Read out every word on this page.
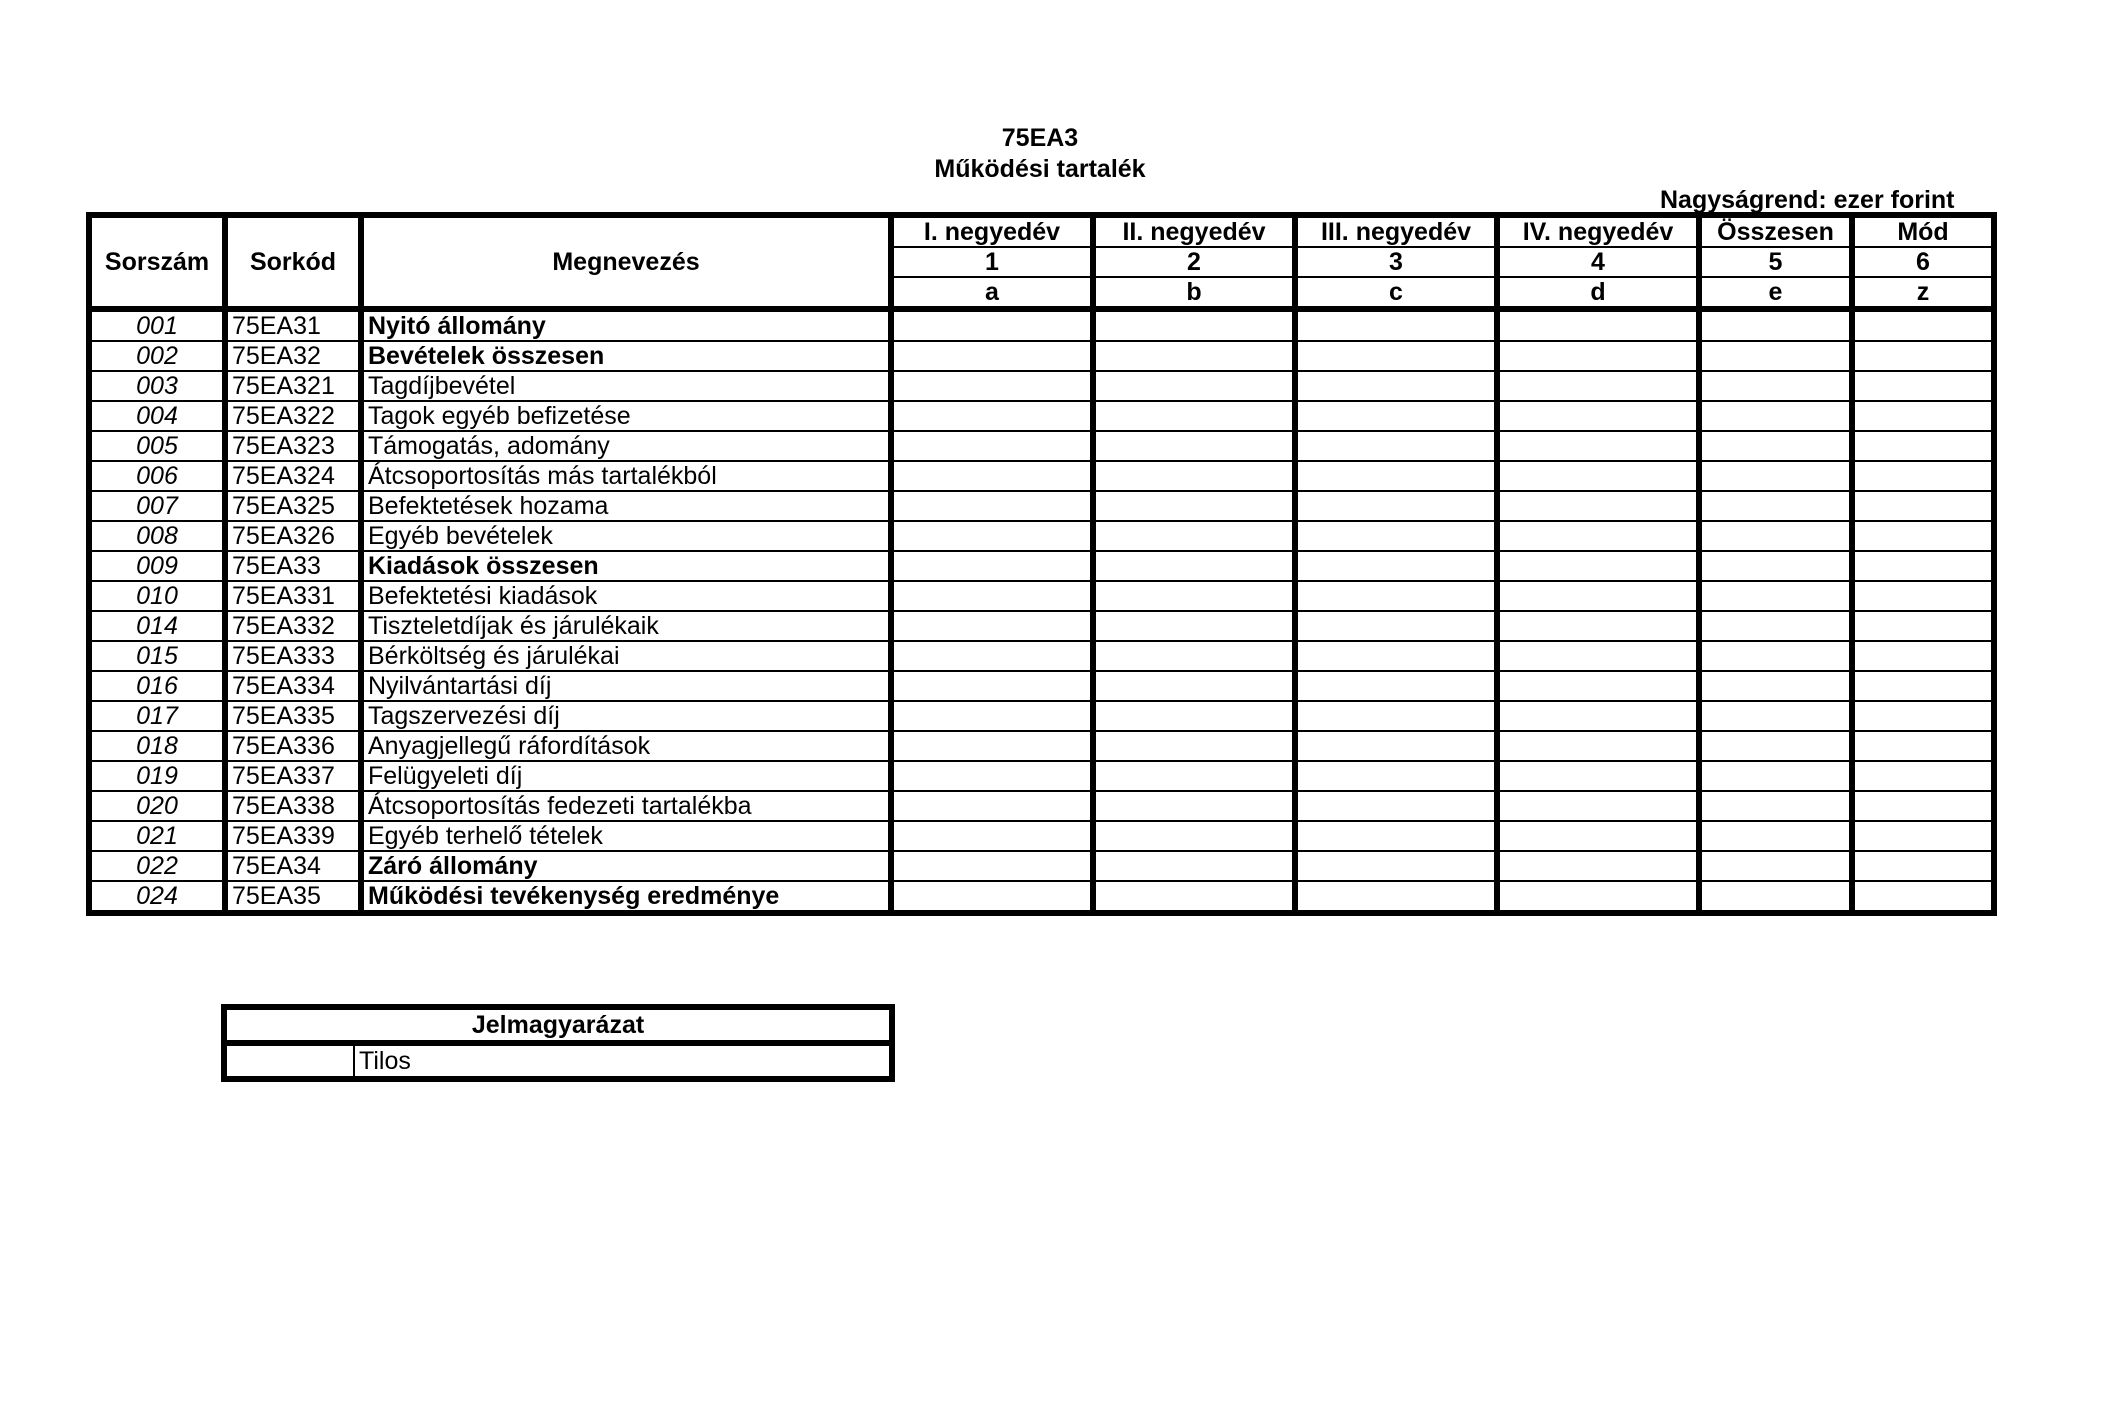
75EA3
Működési tartalék
Nagyságrend: ezer forint
Sorszám	Sorkód	Megnevezés	I. negyedév	II. negyedév	III. negyedév	IV. negyedév	Összesen	Mód
			1	2	3	4	5	6
			a	b	c	d	e	z
001	75EA31	Nyitó állomány						
002	75EA32	Bevételek összesen						
003	75EA321	Tagdíjbevétel						
004	75EA322	Tagok egyéb befizetése						
005	75EA323	Támogatás, adomány						
006	75EA324	Átcsoportosítás más tartalékból						
007	75EA325	Befektetések hozama						
008	75EA326	Egyéb bevételek						
009	75EA33	Kiadások összesen						
010	75EA331	Befektetési kiadások						
014	75EA332	Tiszteletdíjak és járulékaik						
015	75EA333	Bérköltség és járulékai						
016	75EA334	Nyilvántartási díj						
017	75EA335	Tagszervezési díj						
018	75EA336	Anyagjellegű ráfordítások						
019	75EA337	Felügyeleti díj						
020	75EA338	Átcsoportosítás fedezeti tartalékba						
021	75EA339	Egyéb terhelő tételek						
022	75EA34	Záró állomány						
024	75EA35	Működési tevékenység eredménye						
Jelmagyarázat
	Tilos
